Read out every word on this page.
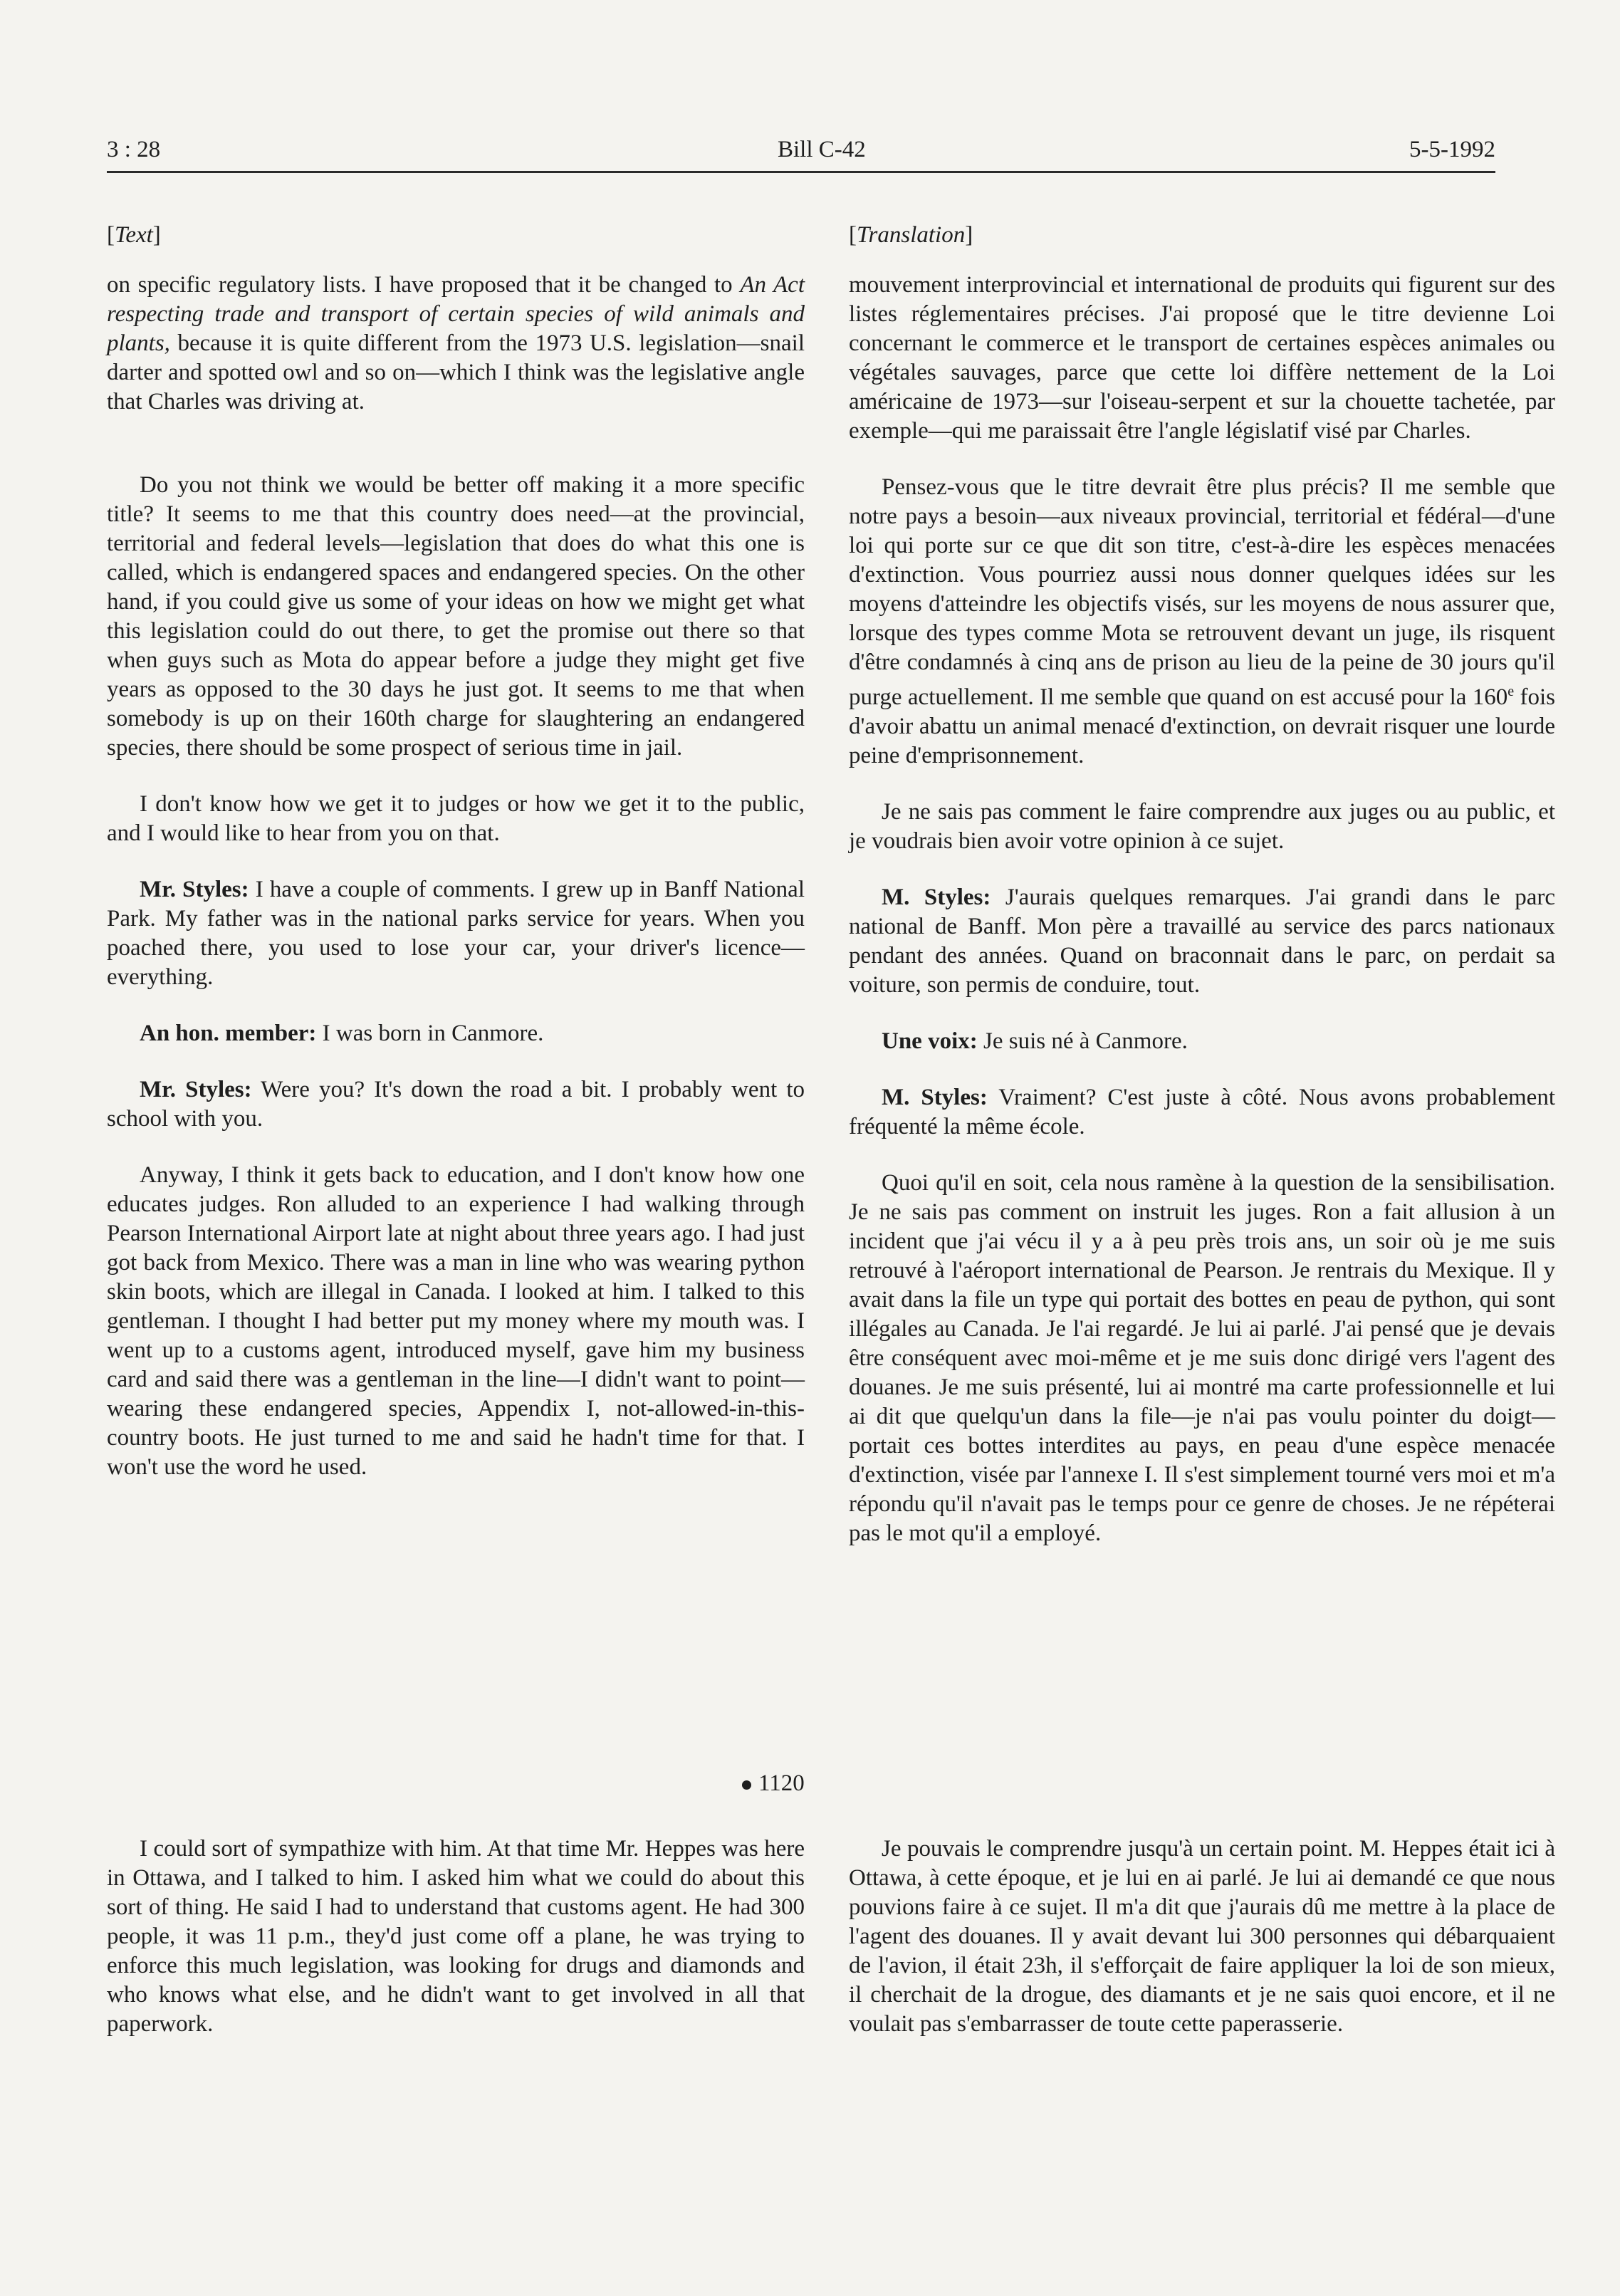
3 : 28	Bill C-42	5-5-1992
[Text]	[Translation]

on specific regulatory lists. I have proposed that it be changed to An Act respecting trade and transport of certain species of wild animals and plants, because it is quite different from the 1973 U.S. legislation—snail darter and spotted owl and so on—which I think was the legislative angle that Charles was driving at.

Do you not think we would be better off making it a more specific title? It seems to me that this country does need—at the provincial, territorial and federal levels—legislation that does do what this one is called, which is endangered spaces and endangered species. On the other hand, if you could give us some of your ideas on how we might get what this legislation could do out there, to get the promise out there so that when guys such as Mota do appear before a judge they might get five years as opposed to the 30 days he just got. It seems to me that when somebody is up on their 160th charge for slaughtering an endangered species, there should be some prospect of serious time in jail.

I don't know how we get it to judges or how we get it to the public, and I would like to hear from you on that.

Mr. Styles: I have a couple of comments. I grew up in Banff National Park. My father was in the national parks service for years. When you poached there, you used to lose your car, your driver's licence—everything.

An hon. member: I was born in Canmore.

Mr. Styles: Were you? It's down the road a bit. I probably went to school with you.

Anyway, I think it gets back to education, and I don't know how one educates judges. Ron alluded to an experience I had walking through Pearson International Airport late at night about three years ago. I had just got back from Mexico. There was a man in line who was wearing python skin boots, which are illegal in Canada. I looked at him. I talked to this gentleman. I thought I had better put my money where my mouth was. I went up to a customs agent, introduced myself, gave him my business card and said there was a gentleman in the line—I didn't want to point—wearing these endangered species, Appendix I, not-allowed-in-this-country boots. He just turned to me and said he hadn't time for that. I won't use the word he used.

mouvement interprovincial et international de produits qui figurent sur des listes réglementaires précises. J'ai proposé que le titre devienne Loi concernant le commerce et le transport de certaines espèces animales ou végétales sauvages, parce que cette loi diffère nettement de la Loi américaine de 1973—sur l'oiseau-serpent et sur la chouette tachetée, par exemple—qui me paraissait être l'angle législatif visé par Charles.

Pensez-vous que le titre devrait être plus précis? Il me semble que notre pays a besoin—aux niveaux provincial, territorial et fédéral—d'une loi qui porte sur ce que dit son titre, c'est-à-dire les espèces menacées d'extinction. Vous pourriez aussi nous donner quelques idées sur les moyens d'atteindre les objectifs visés, sur les moyens de nous assurer que, lorsque des types comme Mota se retrouvent devant un juge, ils risquent d'être condamnés à cinq ans de prison au lieu de la peine de 30 jours qu'il purge actuellement. Il me semble que quand on est accusé pour la 160e fois d'avoir abattu un animal menacé d'extinction, on devrait risquer une lourde peine d'emprisonnement.

Je ne sais pas comment le faire comprendre aux juges ou au public, et je voudrais bien avoir votre opinion à ce sujet.

M. Styles: J'aurais quelques remarques. J'ai grandi dans le parc national de Banff. Mon père a travaillé au service des parcs nationaux pendant des années. Quand on braconnait dans le parc, on perdait sa voiture, son permis de conduire, tout.

Une voix: Je suis né à Canmore.

M. Styles: Vraiment? C'est juste à côté. Nous avons probablement fréquenté la même école.

Quoi qu'il en soit, cela nous ramène à la question de la sensibilisation. Je ne sais pas comment on instruit les juges. Ron a fait allusion à un incident que j'ai vécu il y a à peu près trois ans, un soir où je me suis retrouvé à l'aéroport international de Pearson. Je rentrais du Mexique. Il y avait dans la file un type qui portait des bottes en peau de python, qui sont illégales au Canada. Je l'ai regardé. Je lui ai parlé. J'ai pensé que je devais être conséquent avec moi-même et je me suis donc dirigé vers l'agent des douanes. Je me suis présenté, lui ai montré ma carte professionnelle et lui ai dit que quelqu'un dans la file—je n'ai pas voulu pointer du doigt—portait ces bottes interdites au pays, en peau d'une espèce menacée d'extinction, visée par l'annexe I. Il s'est simplement tourné vers moi et m'a répondu qu'il n'avait pas le temps pour ce genre de choses. Je ne répéterai pas le mot qu'il a employé.

1120

I could sort of sympathize with him. At that time Mr. Heppes was here in Ottawa, and I talked to him. I asked him what we could do about this sort of thing. He said I had to understand that customs agent. He had 300 people, it was 11 p.m., they'd just come off a plane, he was trying to enforce this much legislation, was looking for drugs and diamonds and who knows what else, and he didn't want to get involved in all that paperwork.

Je pouvais le comprendre jusqu'à un certain point. M. Heppes était ici à Ottawa, à cette époque, et je lui en ai parlé. Je lui ai demandé ce que nous pouvions faire à ce sujet. Il m'a dit que j'aurais dû me mettre à la place de l'agent des douanes. Il y avait devant lui 300 personnes qui débarquaient de l'avion, il était 23h, il s'efforçait de faire appliquer la loi de son mieux, il cherchait de la drogue, des diamants et je ne sais quoi encore, et il ne voulait pas s'embarrasser de toute cette paperasserie.
